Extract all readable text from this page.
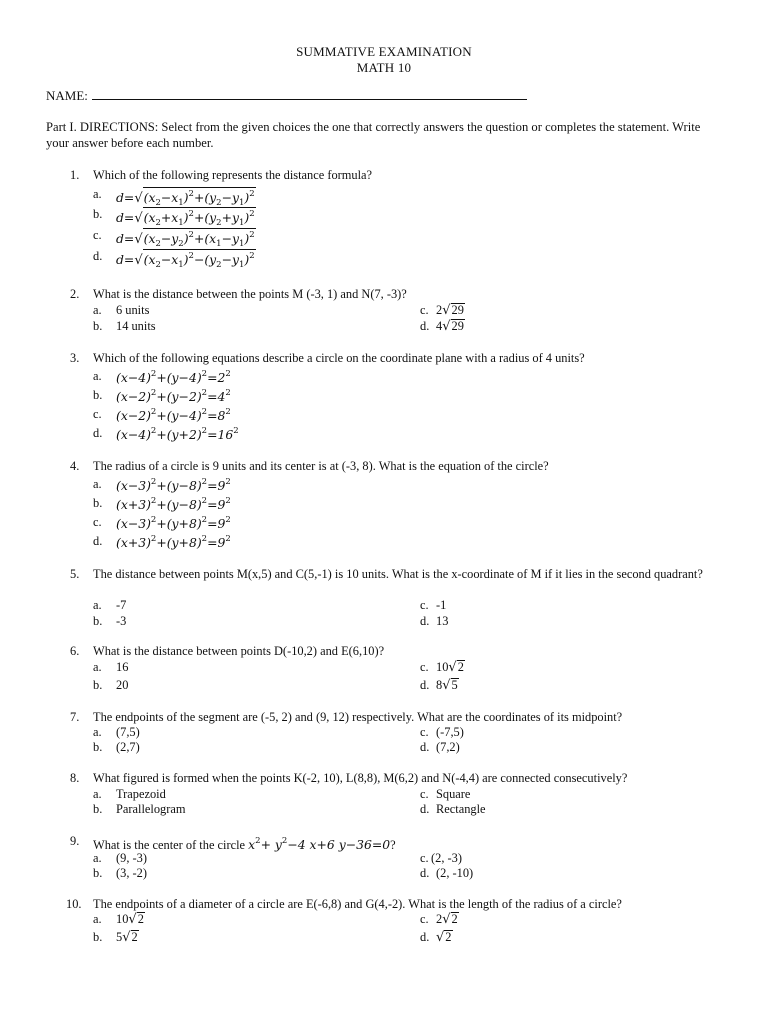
SUMMATIVE EXAMINATION
MATH 10
NAME:
Part I. DIRECTIONS: Select from the given choices the one that correctly answers the question or completes the statement. Write your answer before each number.
1. Which of the following represents the distance formula?
a. $d=√(x_2-x_1)^2+(y_2-y_1)^2$
b. $d=√(x_2+x_1)^2+(y_2+y_1)^2$
c. $d=√(x_2-y_2)^2+(x_1-y_1)^2$
d. $d=√(x_2-x_1)^2-(y_2-y_1)^2$
2. What is the distance between the points M (-3, 1) and N(7, -3)?
a. 6 units
b. 14 units
c. 2√29
d. 4√29
3. Which of the following equations describe a circle on the coordinate plane with a radius of 4 units?
a. $(x-4)^2+(y-4)^2=2^2$
b. $(x-2)^2+(y-2)^2=4^2$
c. $(x-2)^2+(y-4)^2=8^2$
d. $(x-4)^2+(y+2)^2=16^2$
4. The radius of a circle is 9 units and its center is at (-3, 8). What is the equation of the circle?
a. $(x-3)^2+(y-8)^2=9^2$
b. $(x+3)^2+(y-8)^2=9^2$
c. $(x-3)^2+(y+8)^2=9^2$
d. $(x+3)^2+(y+8)^2=9^2$
5. The distance between points M(x,5) and C(5,-1) is 10 units. What is the x-coordinate of M if it lies in the second quadrant?
a. -7
b. -3
c. -1
d. 13
6. What is the distance between points D(-10,2) and E(6,10)?
a. 16
b. 20
c. 10√2
d. 8√5
7. The endpoints of the segment are (-5, 2) and (9, 12) respectively. What are the coordinates of its midpoint?
a. (7,5)
b. (2,7)
c. (-7,5)
d. (7,2)
8. What figured is formed when the points K(-2, 10), L(8,8), M(6,2) and N(-4,4) are connected consecutively?
a. Trapezoid
b. Parallelogram
c. Square
d. Rectangle
9. What is the center of the circle $x^2+ y^2-4$ x+6 y−36=0?
a. (9, -3)
b. (3, -2)
c. (2, -3)
d. (2, -10)
10. The endpoints of a diameter of a circle are E(-6,8) and G(4,-2). What is the length of the radius of a circle?
a. 10√2
b. 5√2
c. 2√2
d. √2
